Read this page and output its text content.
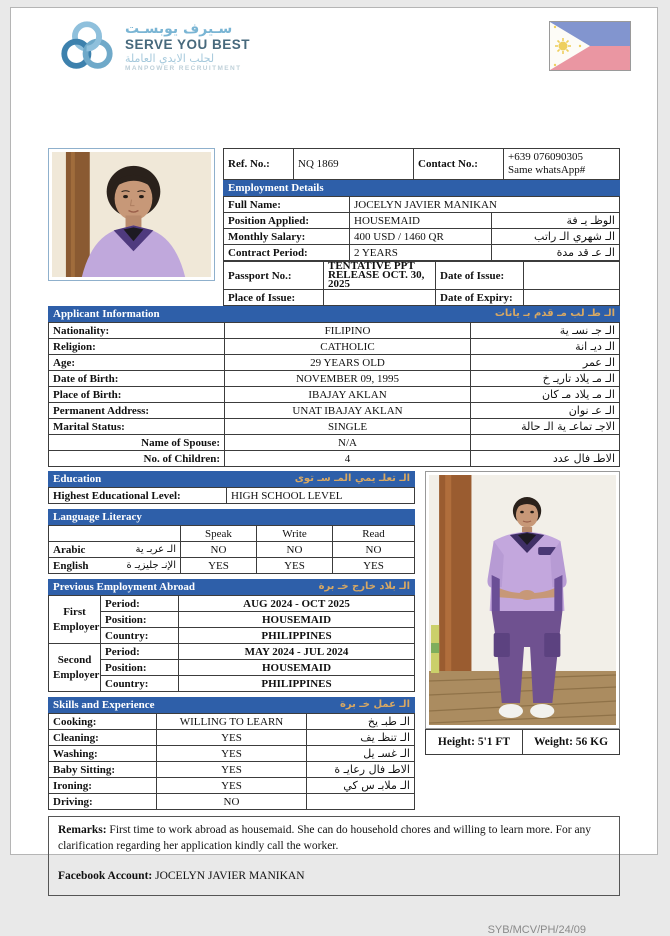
سـيرف يوبسـت
SERVE YOU BEST
لجلب الايدي العاملة
MANPOWER RECRUITMENT
Ref. No.:	NQ 1869	Contact No.:	
+639 076090305
Same whatsApp#
Employment Details
Full Name:	JOCELYN JAVIER MANIKAN	
Position Applied:	HOUSEMAID	الوظـ يـ فة
Monthly Salary:	400 USD / 1460 QR	الـ شهري الـ راتب
Contract Period:	2 YEARS	الـ عـ قد مدة
Passport No.:	TENTATIVE PPT RELEASE OCT. 30, 2025	Date of Issue:	
Place of Issue:		Date of Expiry:	
Applicant Information	الـ طـ لب مـ قدم بـ يانات
Nationality:	FILIPINO	الـ جـ نسـ ية
Religion:	CATHOLIC	الـ ديـ انة
Age:	29 YEARS OLD	الـ عمر
Date of Birth:	NOVEMBER 09, 1995	الـ مـ يلاد تاريـ خ
Place of Birth:	IBAJAY AKLAN	الـ مـ يلاد مـ كان
Permanent Address:	UNAT IBAJAY AKLAN	الـ عـ نوان
Marital Status:	SINGLE	الاجـ تماعـ ية الـ حالة
Name of Spouse:	N/A	
No. of Children:	4	الاطـ فال عدد
Education	الـ تعلـ يمي المـ سـ توى
Highest Educational Level:	HIGH SCHOOL LEVEL
Language Literacy
	Speak	Write	Read

Arabic الـ عربـ ية	NO	NO	NO

English الإنـ جليزيـ ة	YES	YES	YES
Previous Employment Abroad	الـ بلاد خارج خـ برة
First Employer	Period:	AUG 2024 - OCT 2025
	Position:	HOUSEMAID
	Country:	PHILIPPINES
Second Employer	Period:	MAY 2024 - JUL 2024
	Position:	HOUSEMAID
	Country:	PHILIPPINES
Skills and Experience	الـ عمل خـ برة
Cooking:	WILLING TO LEARN	الـ طبـ يخ
Cleaning:	YES	الـ تنظـ يف
Washing:	YES	الـ غسـ يل
Baby Sitting:	YES	الاطـ فال رعايـ ة
Ironing:	YES	الـ ملابـ س كي
Driving:	NO	
Height: 5'1 FT	Weight: 56 KG
Remarks: First time to work abroad as housemaid. She can do household chores and willing to learn more. For any clarification regarding her application kindly call the worker.
Facebook Account: JOCELYN JAVIER MANIKAN
SYB/MCV/PH/24/09
